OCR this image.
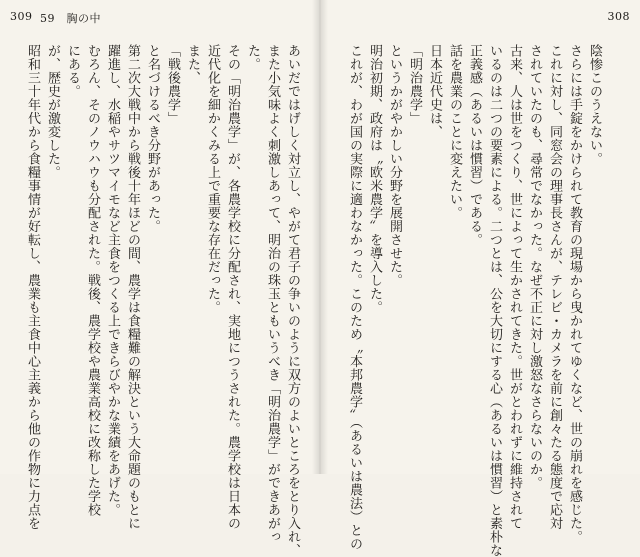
309 59　胸の中
あいだではげしく対立し、やがて君子の争いのように双方のよいところをとり入れ、
また小気味よく刺激しあって、明治の珠玉ともいうべき「明治農学」ができあがっ
た。
その「明治農学」が、各農学校に分配され、実地につうされた。農学校は日本の
近代化を細かくみる上で重要な存在だった。
また、
「戦後農学」
と名づけるべき分野があった。
第二次大戦中から戦後十年ほどの間、農学は食糧難の解決という大命題のもとに
躍進し、水稲やサツマイモなど主食をつくる上できらびやかな業績をあげた。
むろん、そのノウハウも分配された。戦後、農学校や農業高校に改称した学校
にある。
が、歴史が激変した。
昭和三十年代から食糧事情が好転し、農業も主食中心主義から他の作物に力点を
308
陰惨このうえない。
さらには手錠をかけられて教育の現場から曳かれてゆくなど、世の崩れを感じた。
これに対し、同窓会の理事長さんが、テレビ・カメラを前に創々たる態度で応対
されていたのも、尋常でなかった。なぜ不正に対し激怒なさらないのか。
古来、人は世をつくり、世によって生かされてきた。世がとわれずに維持されて
いるのは二つの要素による。二つとは、公を大切にする心（あるいは慣習）と素朴な
正義感（あるいは慣習）である。
話を農業のことに変えたい。
日本近代史は、
「明治農学」
というかがやかしい分野を展開させた。
明治初期、政府は〝欧米農学〟を導入した。
これが、わが国の実際に適わなかった。このため〝本邦農学〟（あるいは農法）との
